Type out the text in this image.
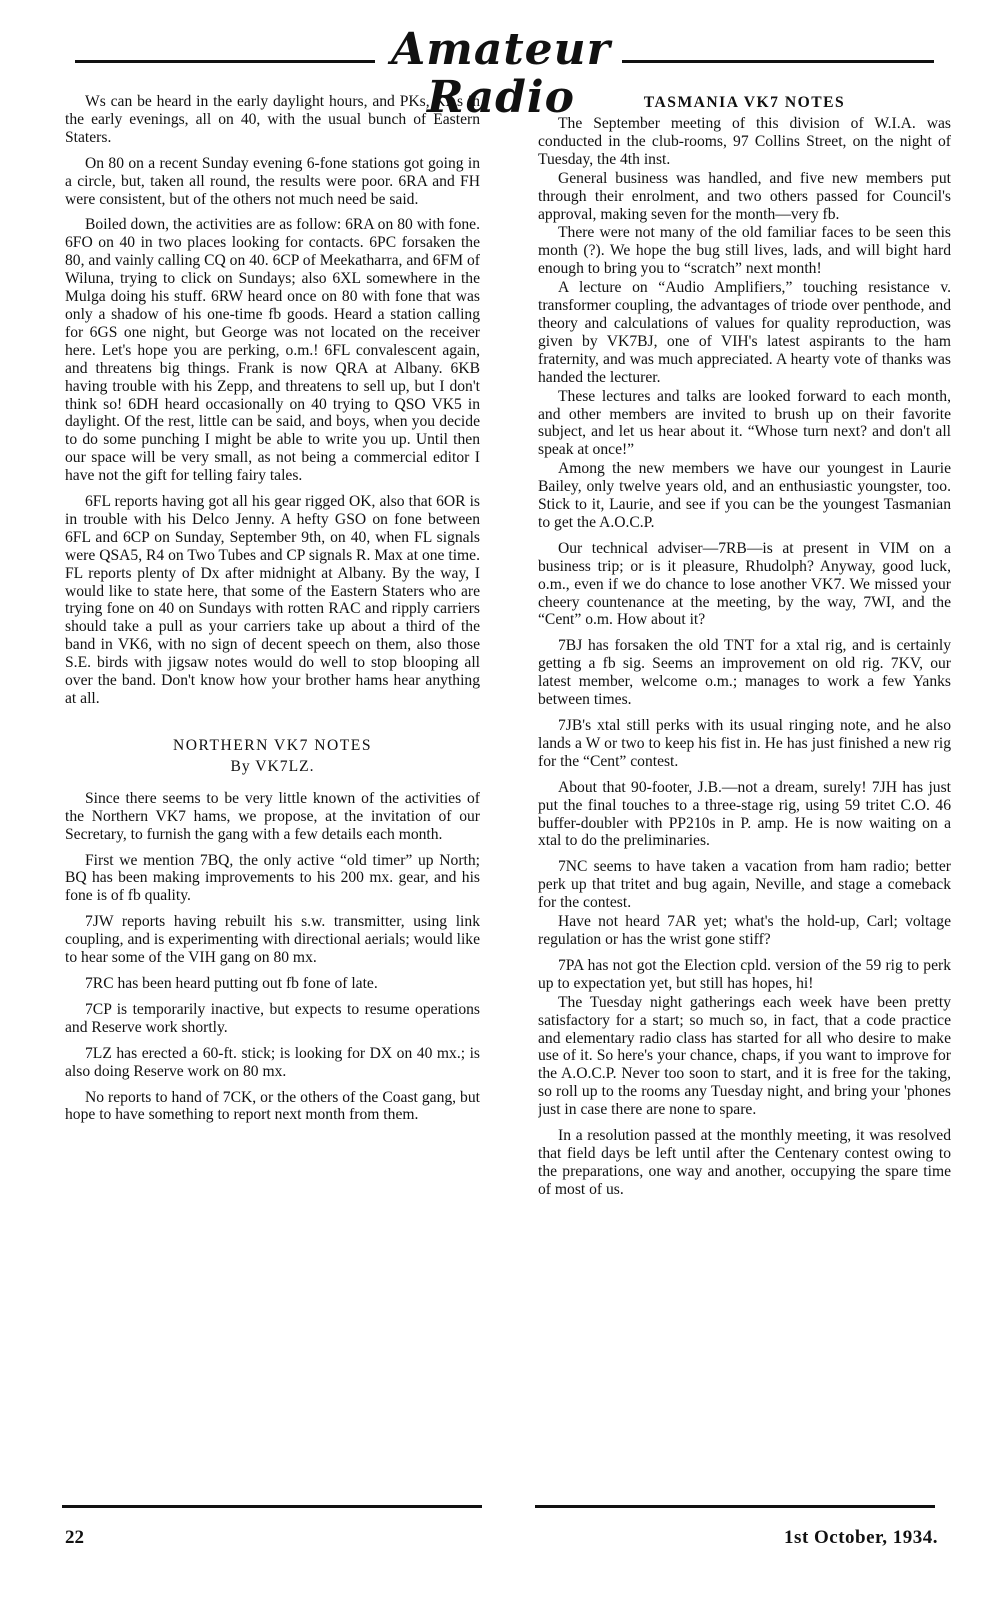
Amateur Radio

Ws can be heard in the early daylight hours, and PKs, KAs in the early evenings, all on 40, with the usual bunch of Eastern Staters.

On 80 on a recent Sunday evening 6-fone stations got going in a circle, but, taken all round, the results were poor. 6RA and FH were consistent, but of the others not much need be said.

Boiled down, the activities are as follow: 6RA on 80 with fone. 6FO on 40 in two places looking for contacts. 6PC forsaken the 80, and vainly calling CQ on 40. 6CP of Meekatharra, and 6FM of Wiluna, trying to click on Sundays; also 6XL somewhere in the Mulga doing his stuff. 6RW heard once on 80 with fone that was only a shadow of his one-time fb goods. Heard a station calling for 6GS one night, but George was not located on the receiver here. Let's hope you are perking, o.m.! 6FL convalescent again, and threatens big things. Frank is now QRA at Albany. 6KB having trouble with his Zepp, and threatens to sell up, but I don't think so! 6DH heard occasionally on 40 trying to QSO VK5 in daylight. Of the rest, little can be said, and boys, when you decide to do some punching I might be able to write you up. Until then our space will be very small, as not being a commercial editor I have not the gift for telling fairy tales.

6FL reports having got all his gear rigged OK, also that 6OR is in trouble with his Delco Jenny. A hefty GSO on fone between 6FL and 6CP on Sunday, September 9th, on 40, when FL signals were QSA5, R4 on Two Tubes and CP signals R. Max at one time. FL reports plenty of Dx after midnight at Albany. By the way, I would like to state here, that some of the Eastern Staters who are trying fone on 40 on Sundays with rotten RAC and ripply carriers should take a pull as your carriers take up about a third of the band in VK6, with no sign of decent speech on them, also those S.E. birds with jigsaw notes would do well to stop blooping all over the band. Don't know how your brother hams hear anything at all.

NORTHERN VK7 NOTES
By VK7LZ.

Since there seems to be very little known of the activities of the Northern VK7 hams, we propose, at the invitation of our Secretary, to furnish the gang with a few details each month.

First we mention 7BQ, the only active “old timer” up North; BQ has been making improvements to his 200 mx. gear, and his fone is of fb quality.

7JW reports having rebuilt his s.w. transmitter, using link coupling, and is experimenting with directional aerials; would like to hear some of the VIH gang on 80 mx.

7RC has been heard putting out fb fone of late.

7CP is temporarily inactive, but expects to resume operations and Reserve work shortly.

7LZ has erected a 60-ft. stick; is looking for DX on 40 mx.; is also doing Reserve work on 80 mx.

No reports to hand of 7CK, or the others of the Coast gang, but hope to have something to report next month from them.

TASMANIA VK7 NOTES

The September meeting of this division of W.I.A. was conducted in the club-rooms, 97 Collins Street, on the night of Tuesday, the 4th inst.

General business was handled, and five new members put through their enrolment, and two others passed for Council's approval, making seven for the month—very fb.

There were not many of the old familiar faces to be seen this month (?). We hope the bug still lives, lads, and will bight hard enough to bring you to “scratch” next month!

A lecture on “Audio Amplifiers,” touching resistance v. transformer coupling, the advantages of triode over penthode, and theory and calculations of values for quality reproduction, was given by VK7BJ, one of VIH's latest aspirants to the ham fraternity, and was much appreciated. A hearty vote of thanks was handed the lecturer.

These lectures and talks are looked forward to each month, and other members are invited to brush up on their favorite subject, and let us hear about it. “Whose turn next? and don't all speak at once!”

Among the new members we have our youngest in Laurie Bailey, only twelve years old, and an enthusiastic youngster, too. Stick to it, Laurie, and see if you can be the youngest Tasmanian to get the A.O.C.P.

Our technical adviser—7RB—is at present in VIM on a business trip; or is it pleasure, Rhudolph? Anyway, good luck, o.m., even if we do chance to lose another VK7. We missed your cheery countenance at the meeting, by the way, 7WI, and the “Cent” o.m. How about it?

7BJ has forsaken the old TNT for a xtal rig, and is certainly getting a fb sig. Seems an improvement on old rig. 7KV, our latest member, welcome o.m.; manages to work a few Yanks between times.

7JB's xtal still perks with its usual ringing note, and he also lands a W or two to keep his fist in. He has just finished a new rig for the “Cent” contest.

About that 90-footer, J.B.—not a dream, surely! 7JH has just put the final touches to a three-stage rig, using 59 tritet C.O. 46 buffer-doubler with PP210s in P. amp. He is now waiting on a xtal to do the preliminaries.

7NC seems to have taken a vacation from ham radio; better perk up that tritet and bug again, Neville, and stage a comeback for the contest.

Have not heard 7AR yet; what's the hold-up, Carl; voltage regulation or has the wrist gone stiff?

7PA has not got the Election cpld. version of the 59 rig to perk up to expectation yet, but still has hopes, hi!

The Tuesday night gatherings each week have been pretty satisfactory for a start; so much so, in fact, that a code practice and elementary radio class has started for all who desire to make use of it. So here's your chance, chaps, if you want to improve for the A.O.C.P. Never too soon to start, and it is free for the taking, so roll up to the rooms any Tuesday night, and bring your 'phones just in case there are none to spare.

In a resolution passed at the monthly meeting, it was resolved that field days be left until after the Centenary contest owing to the preparations, one way and another, occupying the spare time of most of us.

22	1st October, 1934.
